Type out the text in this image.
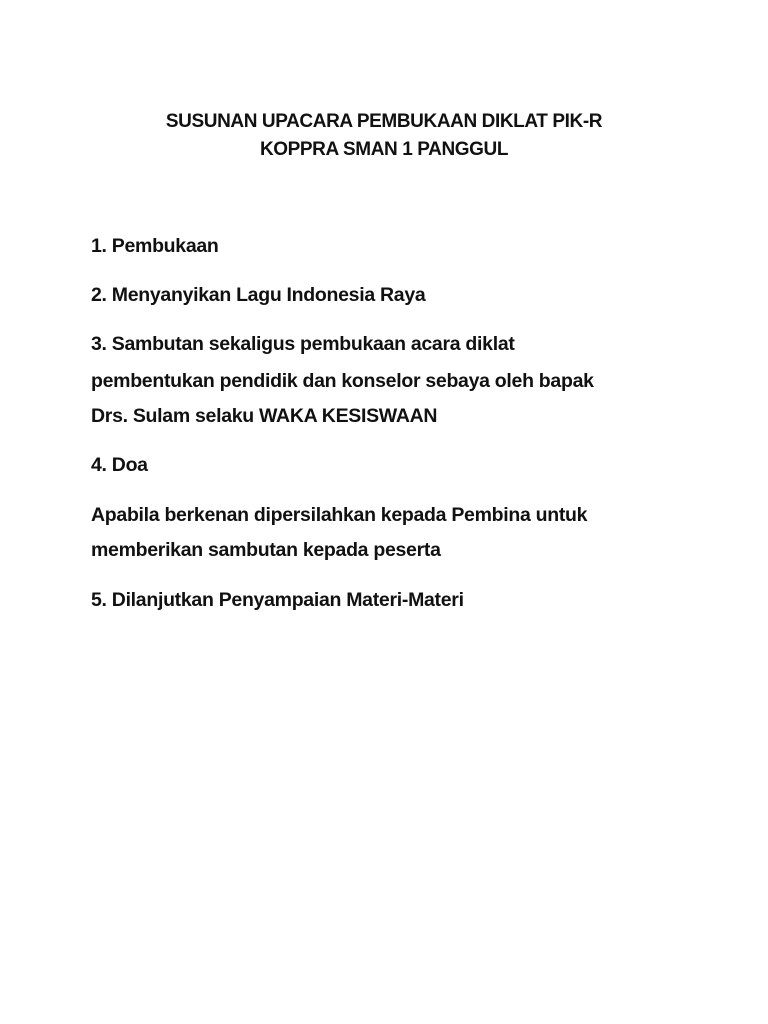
SUSUNAN UPACARA PEMBUKAAN DIKLAT PIK-R
KOPPRA SMAN 1 PANGGUL
1. Pembukaan
2. Menyanyikan Lagu Indonesia Raya
3. Sambutan sekaligus pembukaan acara diklat
pembentukan pendidik dan konselor sebaya oleh bapak
Drs. Sulam selaku WAKA KESISWAAN
4. Doa
Apabila berkenan dipersilahkan kepada Pembina untuk
memberikan sambutan kepada peserta
5. Dilanjutkan Penyampaian Materi-Materi
